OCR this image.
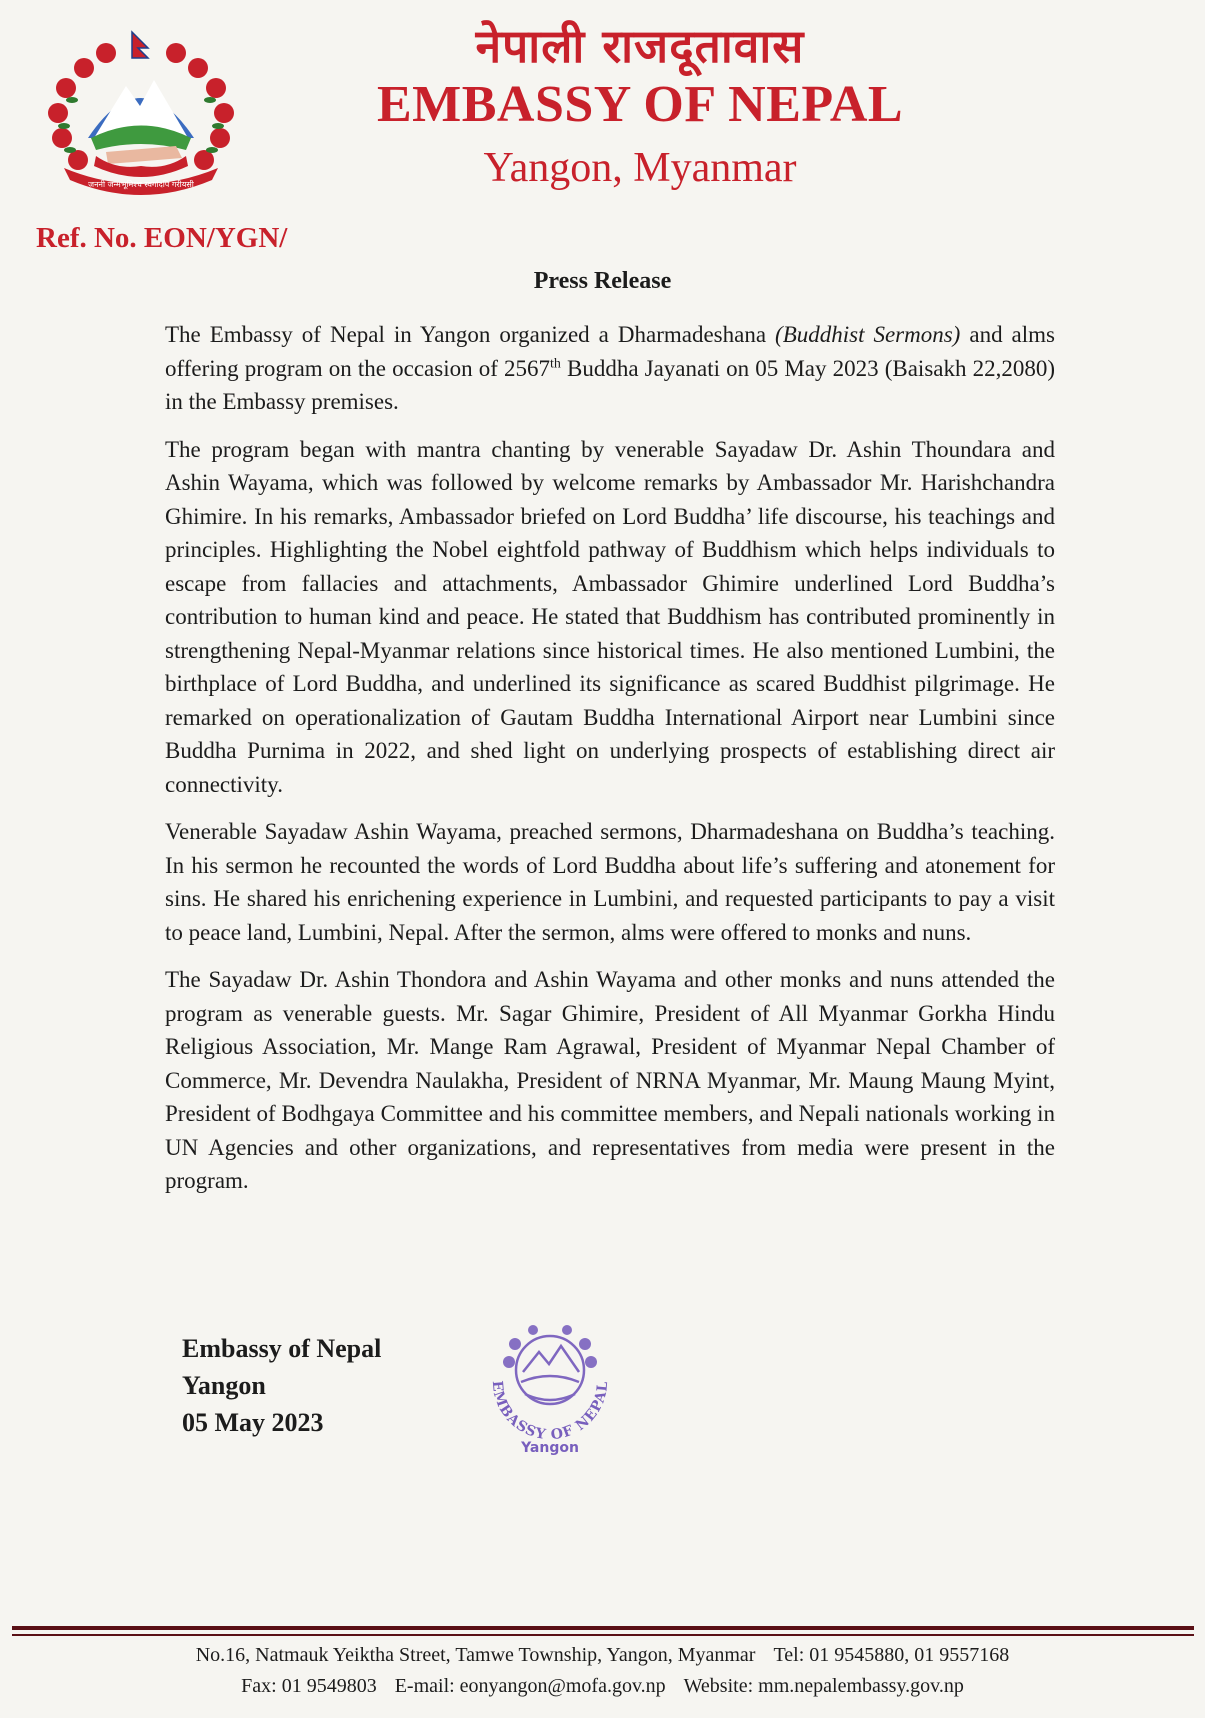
जननी जन्मभूमिश्च स्वर्गादपि गरीयसी
नेपाली राजदूतावास
EMBASSY OF NEPAL
Yangon, Myanmar
Ref. No. EON/YGN/
Press Release

The Embassy of Nepal in Yangon organized a Dharmadeshana (Buddhist Sermons) and alms offering program on the occasion of 2567th Buddha Jayanati on 05 May 2023 (Baisakh 22,2080) in the Embassy premises.

The program began with mantra chanting by venerable Sayadaw Dr. Ashin Thoundara and Ashin Wayama, which was followed by welcome remarks by Ambassador Mr. Harishchandra Ghimire. In his remarks, Ambassador briefed on Lord Buddha’ life discourse, his teachings and principles. Highlighting the Nobel eightfold pathway of Buddhism which helps individuals to escape from fallacies and attachments, Ambassador Ghimire underlined Lord Buddha’s contribution to human kind and peace. He stated that Buddhism has contributed prominently in strengthening Nepal-Myanmar relations since historical times. He also mentioned Lumbini, the birthplace of Lord Buddha, and underlined its significance as scared Buddhist pilgrimage. He remarked on operationalization of Gautam Buddha International Airport near Lumbini since Buddha Purnima in 2022, and shed light on underlying prospects of establishing direct air connectivity.

Venerable Sayadaw Ashin Wayama, preached sermons, Dharmadeshana on Buddha’s teaching. In his sermon he recounted the words of Lord Buddha about life’s suffering and atonement for sins. He shared his enrichening experience in Lumbini, and requested participants to pay a visit to peace land, Lumbini, Nepal. After the sermon, alms were offered to monks and nuns.

The Sayadaw Dr. Ashin Thondora and Ashin Wayama and other monks and nuns attended the program as venerable guests. Mr. Sagar Ghimire, President of All Myanmar Gorkha Hindu Religious Association, Mr. Mange Ram Agrawal, President of Myanmar Nepal Chamber of Commerce, Mr. Devendra Naulakha, President of NRNA Myanmar, Mr. Maung Maung Myint, President of Bodhgaya Committee and his committee members, and Nepali nationals working in UN Agencies and other organizations, and representatives from media were present in the program.

Embassy of Nepal
Yangon
05 May 2023
EMBASSY OF NEPAL
Yangon
No.16, Natmauk Yeiktha Street, Tamwe Township, Yangon, Myanmar Tel: 01 9545880, 01 9557168
Fax: 01 9549803 E-mail: eonyangon@mofa.gov.np Website: mm.nepalembassy.gov.np
